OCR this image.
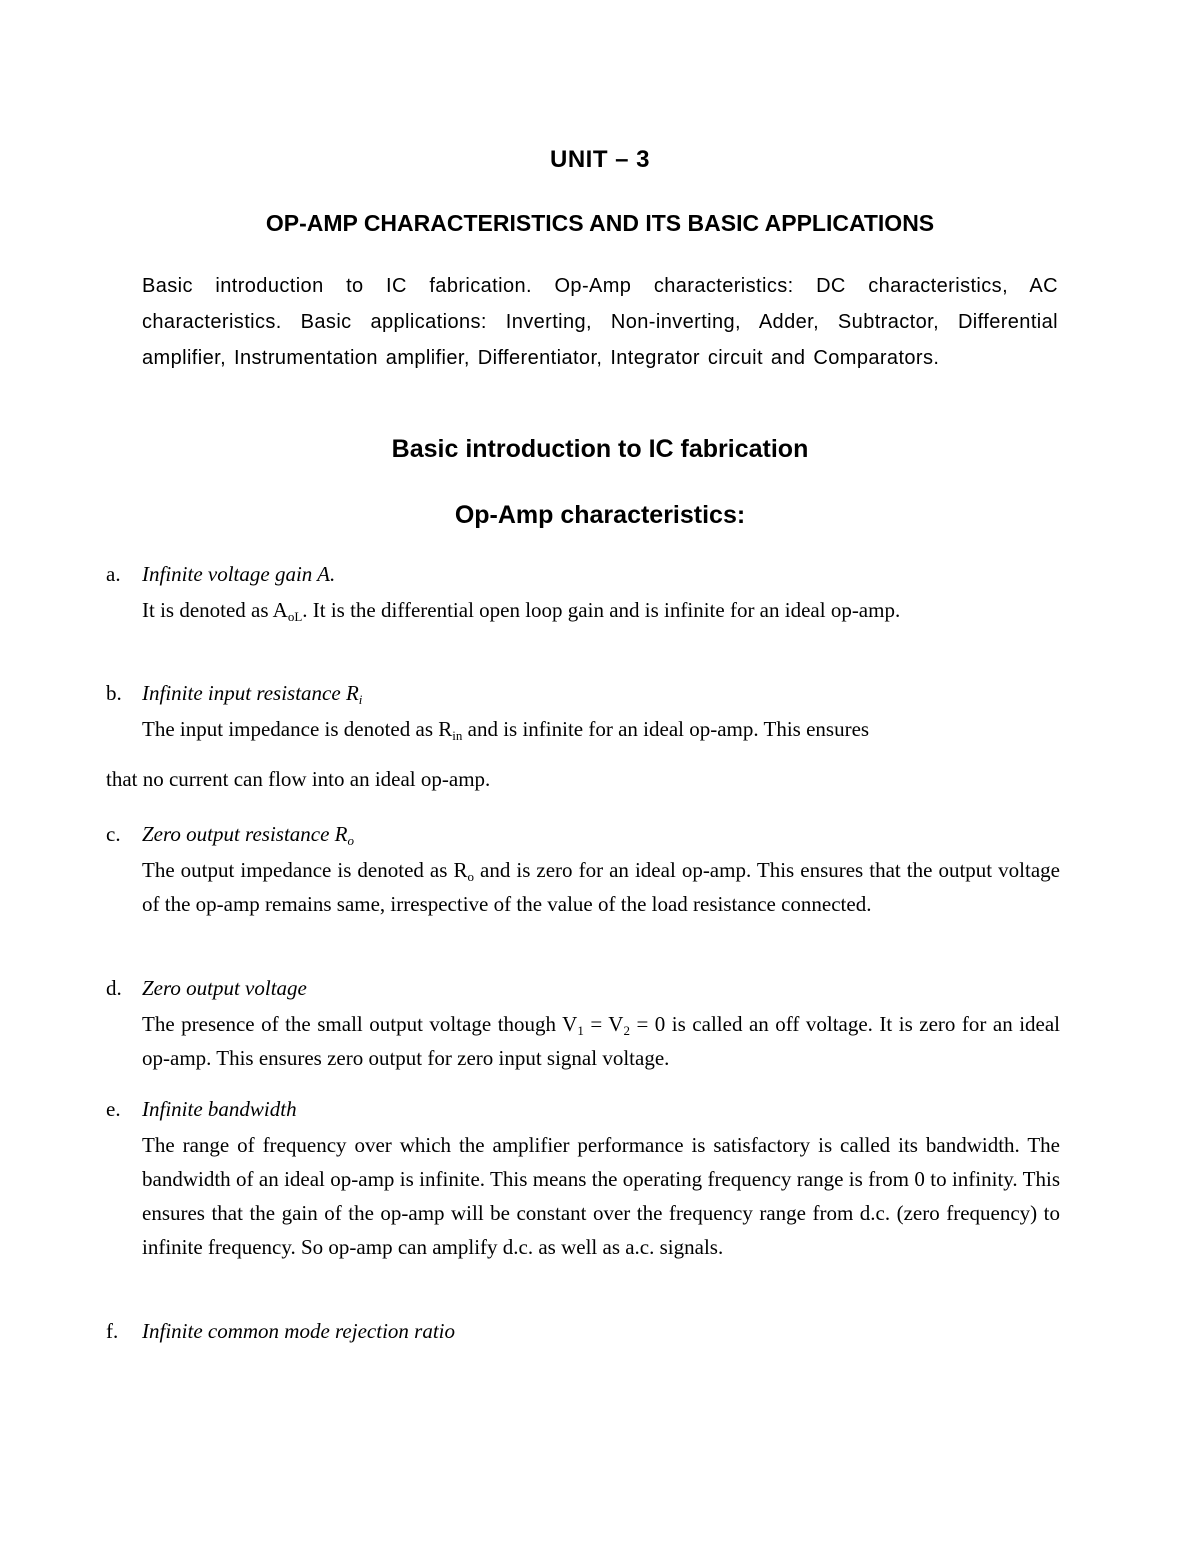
UNIT – 3
OP-AMP CHARACTERISTICS AND ITS BASIC APPLICATIONS
Basic introduction to IC fabrication. Op-Amp characteristics: DC characteristics, AC characteristics. Basic applications: Inverting, Non-inverting, Adder, Subtractor, Differential amplifier, Instrumentation amplifier, Differentiator, Integrator circuit and Comparators.
Basic introduction to IC fabrication
Op-Amp characteristics:
a. Infinite voltage gain A.
It is denoted as $A_{oL}$. It is the differential open loop gain and is infinite for an ideal op-amp.
b. Infinite input resistance $R_i$
The input impedance is denoted as $R_{in}$ and is infinite for an ideal op-amp. This ensures
that no current can flow into an ideal op-amp.
c. Zero output resistance $R_o$
The output impedance is denoted as $R_o$ and is zero for an ideal op-amp. This ensures that the output voltage of the op-amp remains same, irrespective of the value of the load resistance connected.
d. Zero output voltage
The presence of the small output voltage though $V_1 = V_2 = 0$ is called an off voltage. It is zero for an ideal op-amp. This ensures zero output for zero input signal voltage.
e. Infinite bandwidth
The range of frequency over which the amplifier performance is satisfactory is called its bandwidth. The bandwidth of an ideal op-amp is infinite. This means the operating frequency range is from 0 to infinity. This ensures that the gain of the op-amp will be constant over the frequency range from d.c. (zero frequency) to infinite frequency. So op-amp can amplify d.c. as well as a.c. signals.
f. Infinite common mode rejection ratio
